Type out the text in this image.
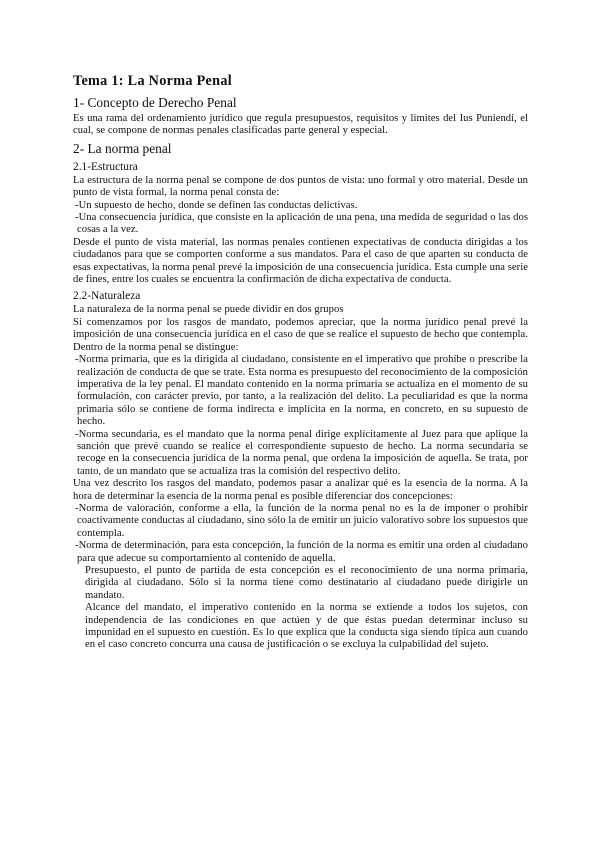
Tema 1: La Norma Penal
1- Concepto de Derecho Penal

Es una rama del ordenamiento jurídico que regula presupuestos, requisitos y límites del Ius Puniendi, el cual, se compone de normas penales clasificadas parte general y especial.

2- La norma penal
2.1-Estructura

La estructura de la norma penal se compone de dos puntos de vista: uno formal y otro material. Desde un punto de vista formal, la norma penal consta de:

-Un supuesto de hecho, donde se definen las conductas delictivas.

-Una consecuencia jurídica, que consiste en la aplicación de una pena, una medida de seguridad o las dos cosas a la vez.

Desde el punto de vista material, las normas penales contienen expectativas de conducta dirigidas a los ciudadanos para que se comporten conforme a sus mandatos. Para el caso de que aparten su conducta de esas expectativas, la norma penal prevé la imposición de una consecuencia jurídica. Esta cumple una serie de fines, entre los cuales se encuentra la confirmación de dicha expectativa de conducta.

2.2-Naturaleza

La naturaleza de la norma penal se puede dividir en dos grupos

Si comenzamos por los rasgos de mandato, podemos apreciar, que la norma jurídico penal prevé la imposición de una consecuencia jurídica en el caso de que se realice el supuesto de hecho que contempla. Dentro de la norma penal se distingue:

-Norma primaria, que es la dirigida al ciudadano, consistente en el imperativo que prohíbe o prescribe la realización de conducta de que se trate. Esta norma es presupuesto del reconocimiento de la composición imperativa de la ley penal. El mandato contenido en la norma primaria se actualiza en el momento de su formulación, con carácter previo, por tanto, a la realización del delito. La peculiaridad es que la norma primaria sólo se contiene de forma indirecta e implícita en la norma, en concreto, en su supuesto de hecho.

-Norma secundaria, es el mandato que la norma penal dirige explícitamente al Juez para que aplique la sanción que prevé cuando se realice el correspondiente supuesto de hecho. La norma secundaria se recoge en la consecuencia jurídica de la norma penal, que ordena la imposición de aquella. Se trata, por tanto, de un mandato que se actualiza tras la comisión del respectivo delito.

Una vez descrito los rasgos del mandato, podemos pasar a analizar qué es la esencia de la norma. A la hora de determinar la esencia de la norma penal es posible diferenciar dos concepciones:

-Norma de valoración, conforme a ella, la función de la norma penal no es la de imponer o prohibir coactivamente conductas al ciudadano, sino sólo la de emitir un juicio valorativo sobre los supuestos que contempla.

-Norma de determinación, para esta concepción, la función de la norma es emitir una orden al ciudadano para que adecue su comportamiento al contenido de aquella.

Presupuesto, el punto de partida de esta concepción es el reconocimiento de una norma primaria, dirigida al ciudadano. Sólo si la norma tiene como destinatario al ciudadano puede dirigirle un mandato.

Alcance del mandato, el imperativo contenido en la norma se extiende a todos los sujetos, con independencia de las condiciones en que actúen y de que éstas puedan determinar incluso su impunidad en el supuesto en cuestión. Es lo que explica que la conducta siga siendo típica aun cuando en el caso concreto concurra una causa de justificación o se excluya la culpabilidad del sujeto.
